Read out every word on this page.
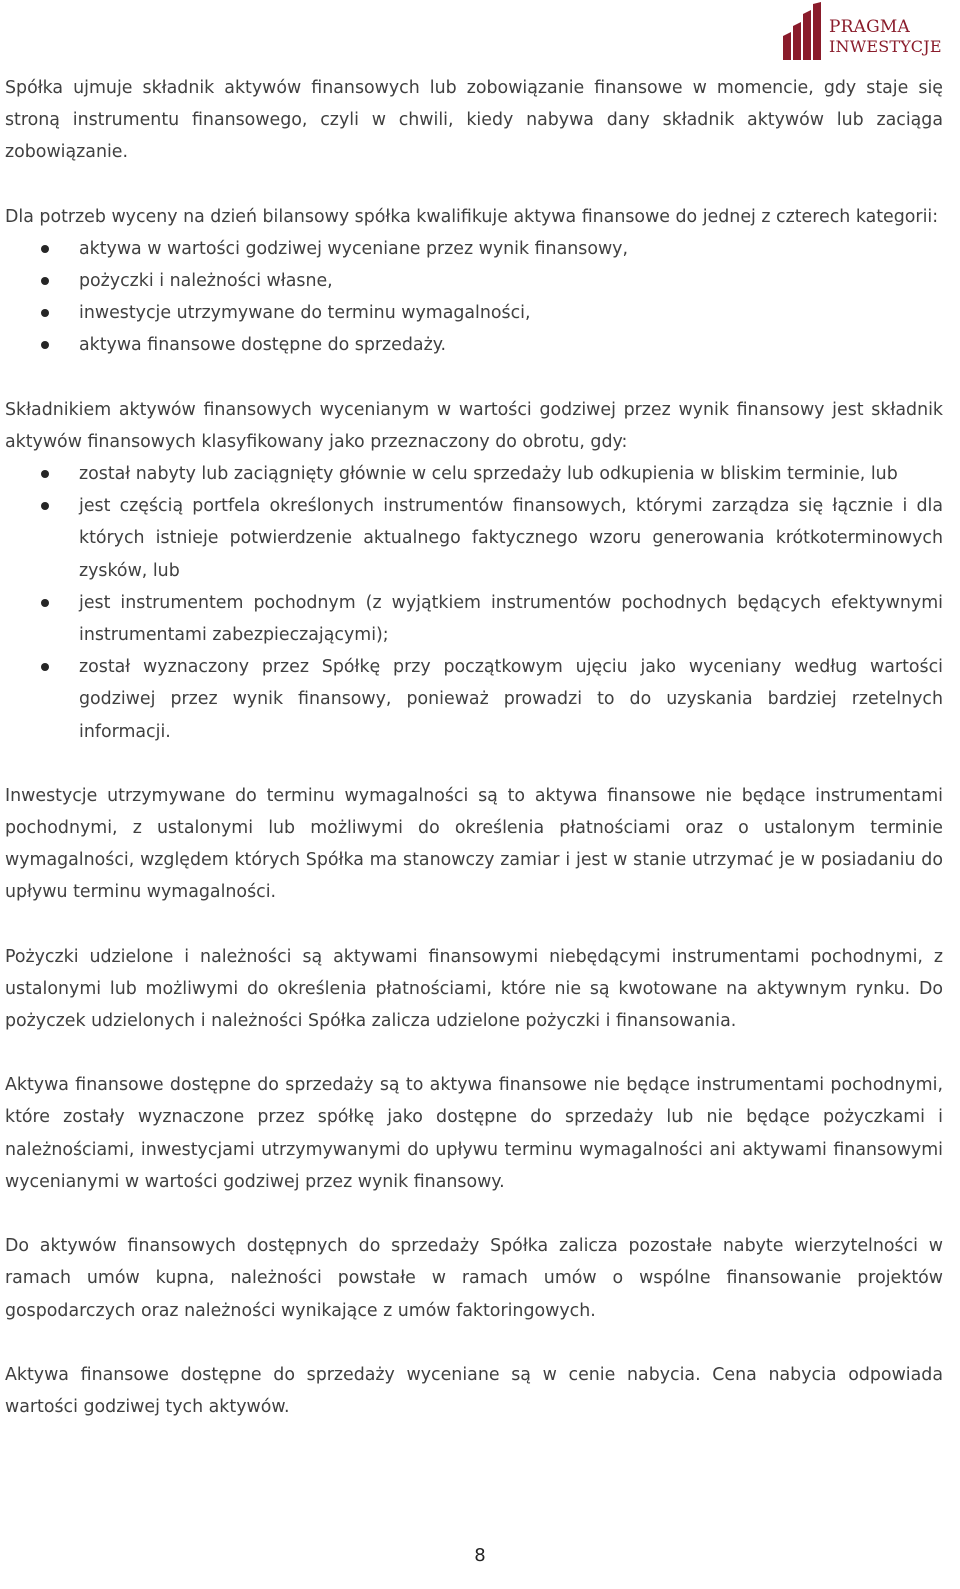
PRAGMA
INWESTYCJE

Spółka ujmuje składnik aktywów finansowych lub zobowiązanie finansowe w momencie, gdy staje się stroną instrumentu finansowego, czyli w chwili, kiedy nabywa dany składnik aktywów lub zaciąga zobowiązanie.

Dla potrzeb wyceny na dzień bilansowy spółka kwalifikuje aktywa finansowe do jednej z czterech kategorii:

aktywa w wartości godziwej wyceniane przez wynik finansowy,
pożyczki i należności własne,
inwestycje utrzymywane do terminu wymagalności,
aktywa finansowe dostępne do sprzedaży.

Składnikiem aktywów finansowych wycenianym w wartości godziwej przez wynik finansowy jest składnik aktywów finansowych klasyfikowany jako przeznaczony do obrotu, gdy:

został nabyty lub zaciągnięty głównie w celu sprzedaży lub odkupienia w bliskim terminie, lub
jest częścią portfela określonych instrumentów finansowych, którymi zarządza się łącznie i dla których istnieje potwierdzenie aktualnego faktycznego wzoru generowania krótkoterminowych zysków, lub
jest instrumentem pochodnym (z wyjątkiem instrumentów pochodnych będących efektywnymi instrumentami zabezpieczającymi);
został wyznaczony przez Spółkę przy początkowym ujęciu jako wyceniany według wartości godziwej przez wynik finansowy, ponieważ prowadzi to do uzyskania bardziej rzetelnych informacji.

Inwestycje utrzymywane do terminu wymagalności są to aktywa finansowe nie będące instrumentami pochodnymi, z ustalonymi lub możliwymi do określenia płatnościami oraz o ustalonym terminie wymagalności, względem których Spółka ma stanowczy zamiar i jest w stanie utrzymać je w posiadaniu do upływu terminu wymagalności.

Pożyczki udzielone i należności są aktywami finansowymi niebędącymi instrumentami pochodnymi, z ustalonymi lub możliwymi do określenia płatnościami, które nie są kwotowane na aktywnym rynku. Do pożyczek udzielonych i należności Spółka zalicza udzielone pożyczki i finansowania.

Aktywa finansowe dostępne do sprzedaży są to aktywa finansowe nie będące instrumentami pochodnymi, które zostały wyznaczone przez spółkę jako dostępne do sprzedaży lub nie będące pożyczkami i należnościami, inwestycjami utrzymywanymi do upływu terminu wymagalności ani aktywami finansowymi wycenianymi w wartości godziwej przez wynik finansowy.

Do aktywów finansowych dostępnych do sprzedaży Spółka zalicza pozostałe nabyte wierzytelności w ramach umów kupna, należności powstałe w ramach umów o wspólne finansowanie projektów gospodarczych oraz należności wynikające z umów faktoringowych.

Aktywa finansowe dostępne do sprzedaży wyceniane są w cenie nabycia. Cena nabycia odpowiada wartości godziwej tych aktywów.

8
